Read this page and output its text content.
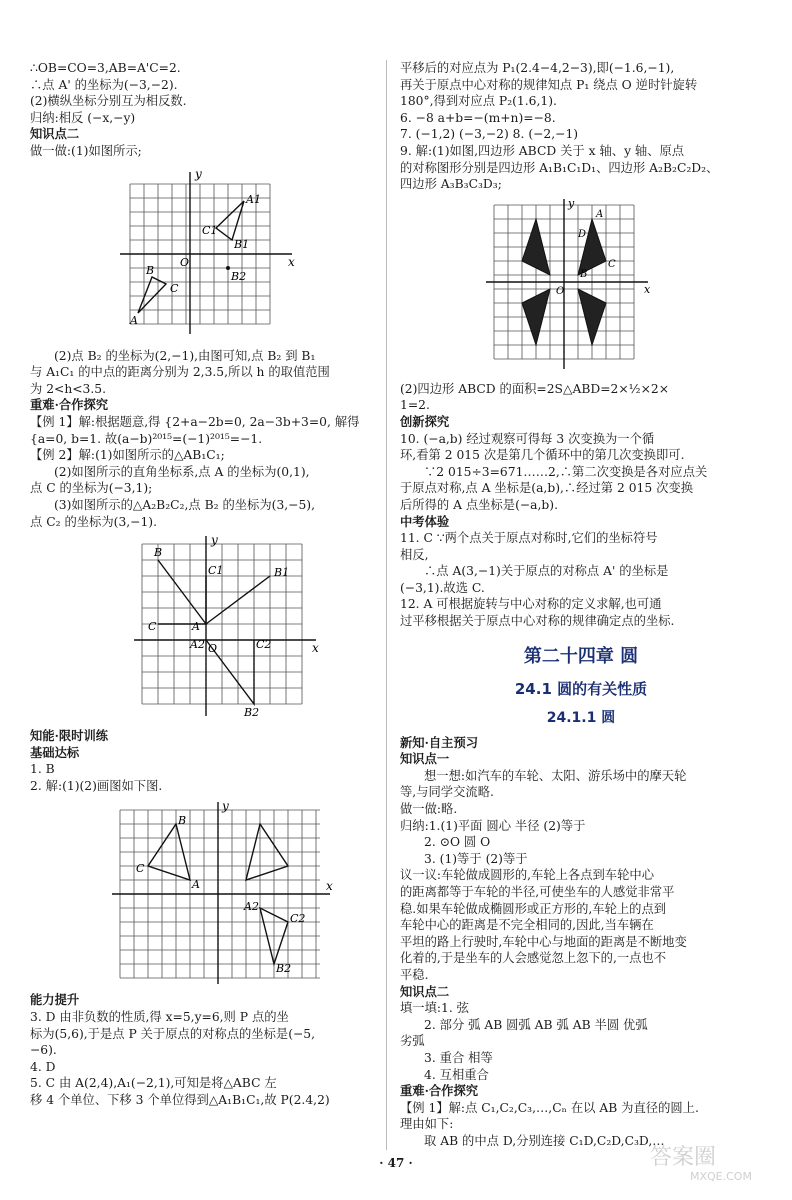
∴OB=CO=3,AB=A'C=2.
∴点 A' 的坐标为(−3,−2).
(2)横纵坐标分别互为相反数.
归纳:相反 (−x,−y)
知识点二
做一做:(1)如图所示;
y
x
O
A1
B1
C1
B
C
A
B2
(2)点 B₂ 的坐标为(2,−1),由图可知,点 B₂ 到 B₁
与 A₁C₁ 的中点的距离分别为 2,3.5,所以 h 的取值范围
为 2<h<3.5.
重难·合作探究
【例 1】解:根据题意,得 {2+a−2b=0, 2a−3b+3=0, 解得
{a=0, b=1. 故(a−b)²⁰¹⁵=(−1)²⁰¹⁵=−1.
【例 2】解:(1)如图所示的△AB₁C₁;
(2)如图所示的直角坐标系,点 A 的坐标为(0,1),
点 C 的坐标为(−3,1);
(3)如图所示的△A₂B₂C₂,点 B₂ 的坐标为(3,−5),
点 C₂ 的坐标为(3,−1).
B
C1	B1
C	A
A2 O	C2
B2
y
x
知能·限时训练
基础达标
1. B
2. 解:(1)(2)画图如下图.
B
C
A
A2
B2
C2
y
x
能力提升
3. D 由非负数的性质,得 x=5,y=6,则 P 点的坐
标为(5,6),于是点 P 关于原点的对称点的坐标是(−5,
−6).
4. D
5. C 由 A(2,4),A₁(−2,1),可知是将△ABC 左
移 4 个单位、下移 3 个单位得到△A₁B₁C₁,故 P(2.4,2)
平移后的对应点为 P₁(2.4−4,2−3),即(−1.6,−1),
再关于原点中心对称的规律知点 P₁ 绕点 O 逆时针旋转
180°,得到对应点 P₂(1.6,1).
6. −8 a+b=−(m+n)=−8.
7. (−1,2) (−3,−2) 8. (−2,−1)
9. 解:(1)如图,四边形 ABCD 关于 x 轴、y 轴、原点
的对称图形分别是四边形 A₁B₁C₁D₁、四边形 A₂B₂C₂D₂、
四边形 A₃B₃C₃D₃;
y
x
O
A
B
C
D
(2)四边形 ABCD 的面积=2S△ABD=2×½×2×
1=2.
创新探究
10. (−a,b) 经过观察可得每 3 次变换为一个循
环,看第 2 015 次是第几个循环中的第几次变换即可.
∵2 015÷3=671……2,∴第二次变换是各对应点关
于原点对称,点 A 坐标是(a,b),∴经过第 2 015 次变换
后所得的 A 点坐标是(−a,b).
中考体验
11. C ∵两个点关于原点对称时,它们的坐标符号
相反,
∴点 A(3,−1)关于原点的对称点 A' 的坐标是
(−3,1).故选 C.
12. A 可根据旋转与中心对称的定义求解,也可通
过平移根据关于原点中心对称的规律确定点的坐标.
第二十四章 圆
24.1 圆的有关性质
24.1.1 圆
新知·自主预习
知识点一
想一想:如汽车的车轮、太阳、游乐场中的摩天轮
等,与同学交流略.
做一做:略.
归纳:1.(1)平面 圆心 半径 (2)等于
2. ⊙O 圆 O
3. (1)等于 (2)等于
议一议:车轮做成圆形的,车轮上各点到车轮中心
的距离都等于车轮的半径,可使坐车的人感觉非常平
稳.如果车轮做成椭圆形或正方形的,车轮上的点到
车轮中心的距离是不完全相同的,因此,当车辆在
平坦的路上行驶时,车轮中心与地面的距离是不断地变
化着的,于是坐车的人会感觉忽上忽下的,一点也不
平稳.
知识点二
填一填:1. 弦
2. 部分 弧 AB 圆弧 AB 弧 AB 半圆 优弧
劣弧
3. 重合 相等
4. 互相重合
重难·合作探究
【例 1】解:点 C₁,C₂,C₃,…,Cₙ 在以 AB 为直径的圆上.
理由如下:
取 AB 的中点 D,分别连接 C₁D,C₂D,C₃D,…
· 47 ·	答案圈
MXQE.COM
